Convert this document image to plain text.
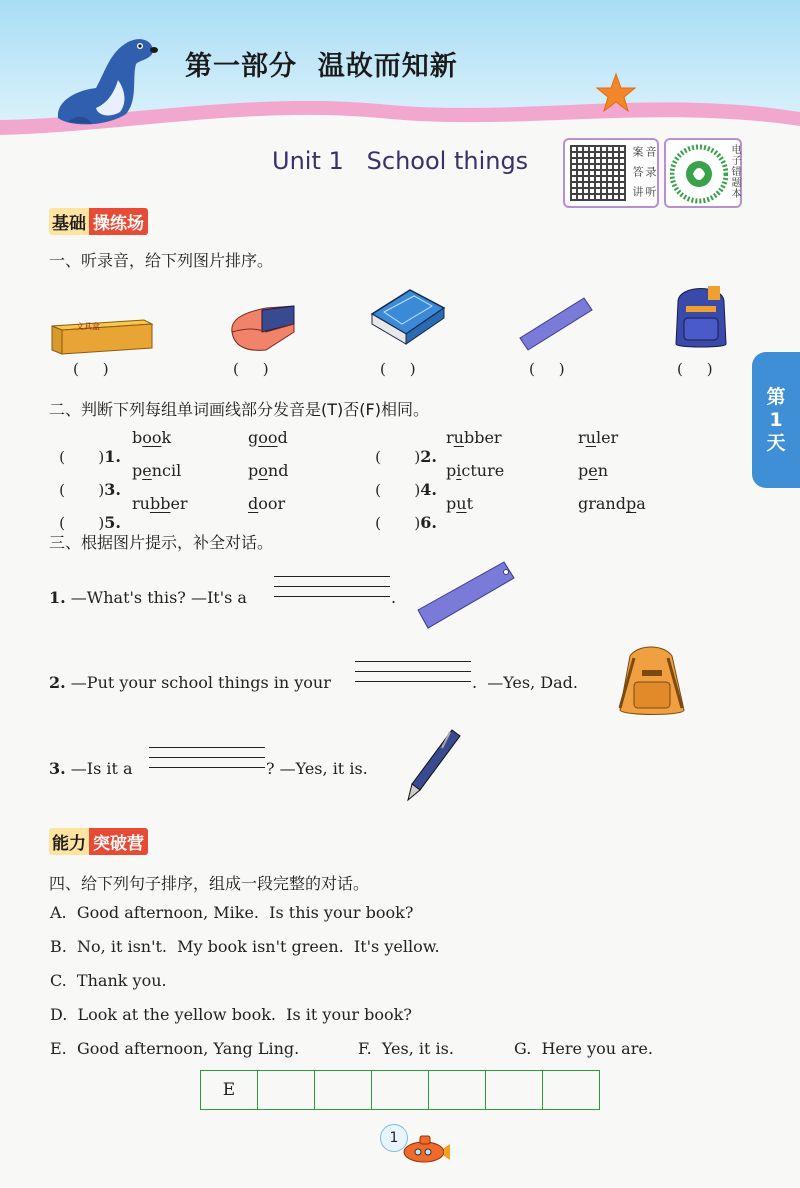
第一部分  温故而知新
Unit 1   School things
听讲
录答
音案	电子错题本
第
1
天
基础 操练场
一、听录音，给下列图片排序。
文具盒
(     )	(     )	(     )	(     )	(     )
二、判断下列每组单词画线部分发音是(T)否(F)相同。

(       )1.

book	good

(       )2.

rubber	ruler

(       )3.

pencil	pond

(       )4.

picture	pen

(       )5.

rubber	door

(       )6.

put	grandpa
三、根据图片提示，补全对话。
1. —What's this? —It's a	.
2. —Put your school things in your	.  —Yes, Dad.
3. —Is it a	? —Yes, it is.
能力 突破营
四、给下列句子排序，组成一段完整的对话。
A.  Good afternoon, Mike.  Is this your book?
B.  No, it isn't.  My book isn't green.  It's yellow.
C.  Thank you.
D.  Look at the yellow book.  Is it your book?
E.  Good afternoon, Yang Ling.	F.  Yes, it is.	G.  Here you are.
E
1
